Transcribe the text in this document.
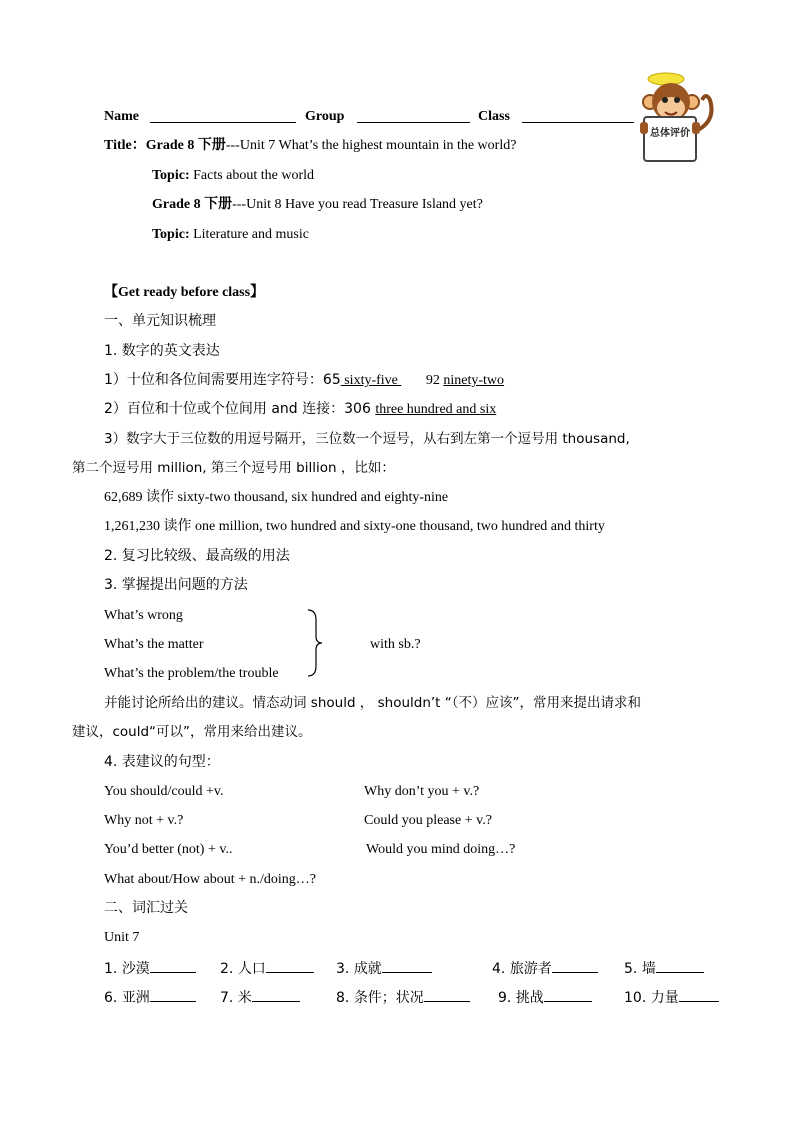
Name	Group	Class
总体评价
Title：Grade 8 下册---Unit 7 What’s the highest mountain in the world?
Topic: Facts about the world
Grade 8 下册---Unit 8 Have you read Treasure Island yet?
Topic: Literature and music
【Get ready before class】
一、单元知识梳理
1. 数字的英文表达
1）十位和各位间需要用连字符号：65 sixty-five        92 ninety-two
2）百位和十位或个位间用 and 连接：306 three hundred and six
3）数字大于三位数的用逗号隔开，三位数一个逗号，从右到左第一个逗号用 thousand,
第二个逗号用 million, 第三个逗号用 billion ，比如：
62,689 读作 sixty-two thousand, six hundred and eighty-nine
1,261,230 读作 one million, two hundred and sixty-one thousand, two hundred and thirty
2. 复习比较级、最高级的用法
3. 掌握提出问题的方法
What’s wrong
What’s the matter
What’s the problem/the trouble
with sb.?
并能讨论所给出的建议。情态动词 should ， shouldn’t “（不）应该”，常用来提出请求和
建议，could“可以”，常用来给出建议。
4. 表建议的句型：
You should/could +v.	Why don’t you + v.?
Why not + v.?	Could you please + v.?
You’d better (not) + v..	Would you mind doing…?
What about/How about + n./doing…?
二、词汇过关
Unit 7
1. 沙漠	2. 人口	3. 成就	4. 旅游者	5. 墙
6. 亚洲	7. 米	8. 条件；状况	9. 挑战	10. 力量
